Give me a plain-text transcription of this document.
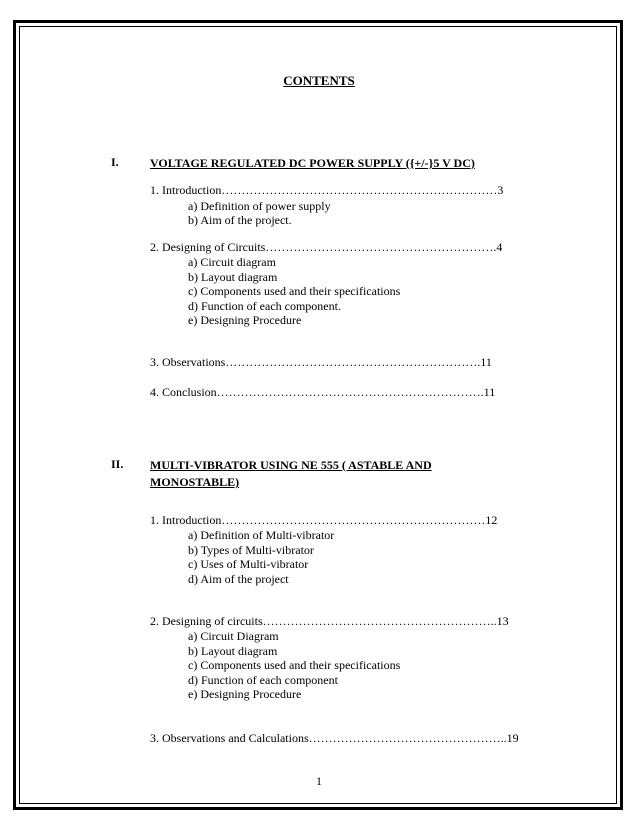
CONTENTS
I.	VOLTAGE REGULATED DC POWER SUPPLY ({+/-}5 V DC)
1. Introduction……………………………………………………………3
a) Definition of power supply
b) Aim of the project.
2. Designing of Circuits………………………………………………….4
a) Circuit diagram
b) Layout diagram
c) Components used and their specifications
d) Function of each component.
e) Designing Procedure
3. Observations……………………………………………………….11
4. Conclusion………………………………………………………….11
II. MULTI-VIBRATOR USING NE 555 ( ASTABLE AND
MONOSTABLE)
1. Introduction…………………………………………………………12
a) Definition of Multi-vibrator
b) Types of Multi-vibrator
c) Uses of Multi-vibrator
d) Aim of the project
2. Designing of circuits…………………………………………………..13
a) Circuit Diagram
b) Layout diagram
c) Components used and their specifications
d) Function of each component
e) Designing Procedure
3. Observations and Calculations…………………………………………..19
1
